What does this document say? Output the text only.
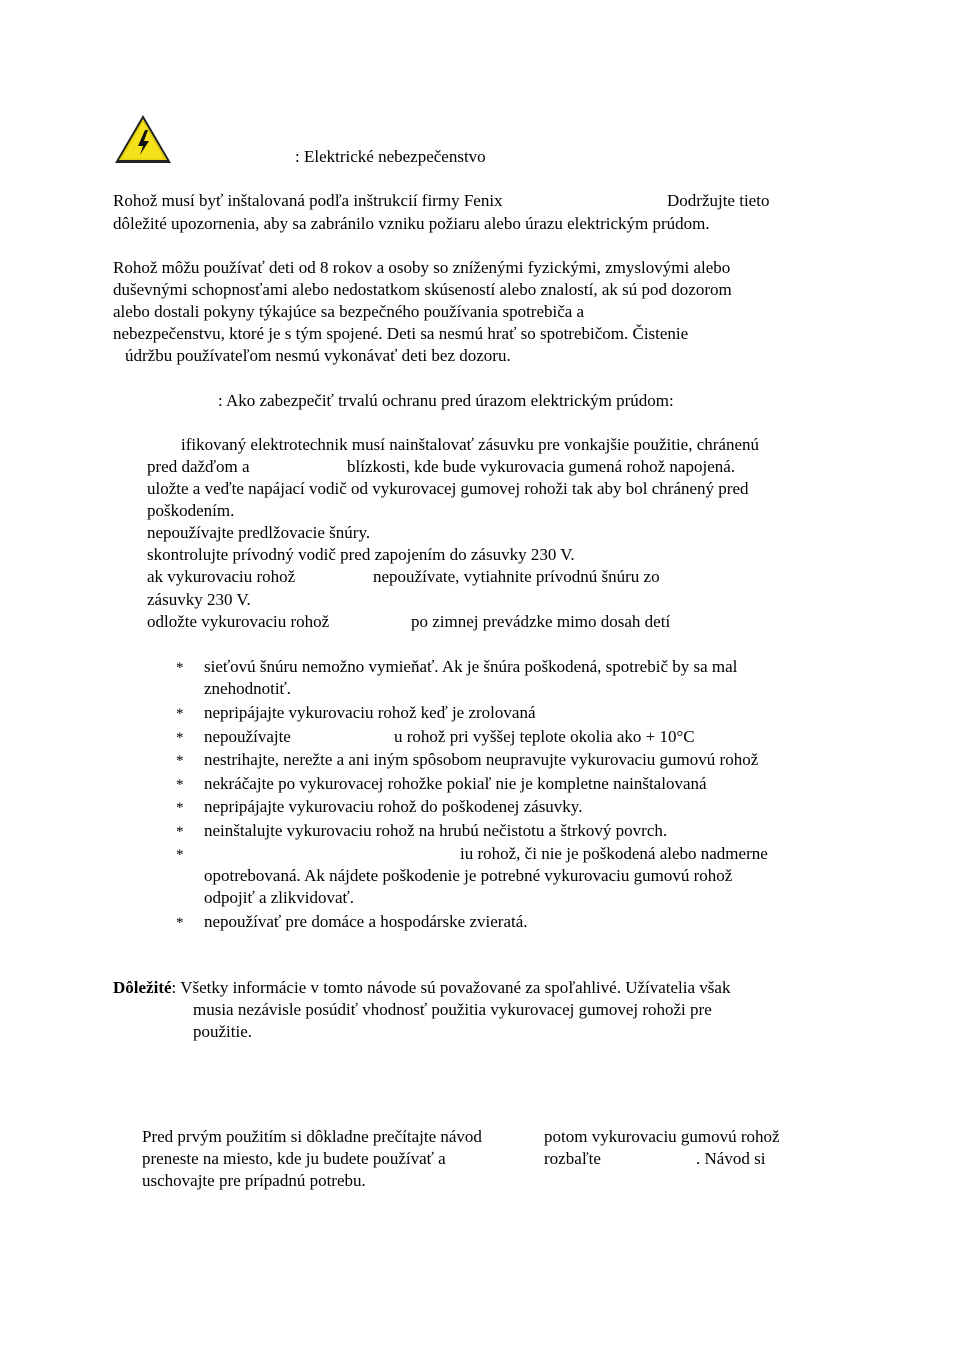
: Elektrické nebezpečenstvo
Rohož musí byť inštalovaná podľa inštrukcií firmy Fenix	Dodržujte tieto
dôležité upozornenia, aby sa zabránilo vzniku požiaru alebo úrazu elektrickým prúdom.
Rohož môžu používať deti od 8 rokov a osoby so zníženými fyzickými, zmyslovými alebo
duševnými schopnosťami alebo nedostatkom skúseností alebo znalostí, ak sú pod dozorom
alebo dostali pokyny týkajúce sa bezpečného používania spotrebiča a
nebezpečenstvu, ktoré je s tým spojené. Deti sa nesmú hrať so spotrebičom. Čistenie
údržbu používateľom nesmú vykonávať deti bez dozoru.
: Ako zabezpečiť trvalú ochranu pred úrazom elektrickým prúdom:
ifikovaný elektrotechnik musí nainštalovať zásuvku pre vonkajšie použitie, chránenú
pred dažďom a	blízkosti, kde bude vykurovacia gumená rohož napojená.
uložte a veďte napájací vodič od vykurovacej gumovej rohoži tak aby bol chránený pred
poškodením.
nepoužívajte predlžovacie šnúry.
skontrolujte prívodný vodič pred zapojením do zásuvky 230 V.
ak vykurovaciu rohož	nepoužívate, vytiahnite prívodnú šnúru zo
zásuvky 230 V.
odložte vykurovaciu rohož	po zimnej prevádzke mimo dosah detí
* sieťovú šnúru nemožno vymieňať. Ak je šnúra poškodená, spotrebič by sa mal
znehodnotiť.
* nepripájajte vykurovaciu rohož keď je zrolovaná
* nepoužívajte	u rohož pri vyššej teplote okolia ako + 10°C
* nestrihajte, nerežte a ani iným spôsobom neupravujte vykurovaciu gumovú rohož
* nekráčajte po vykurovacej rohožke pokiaľ nie je kompletne nainštalovaná
* nepripájajte vykurovaciu rohož do poškodenej zásuvky.
* neinštalujte vykurovaciu rohož na hrubú nečistotu a štrkový povrch.
*	iu rohož, či nie je poškodená alebo nadmerne
opotrebovaná. Ak nájdete poškodenie je potrebné vykurovaciu gumovú rohož
odpojiť a zlikvidovať.
* nepoužívať pre domáce a hospodárske zvieratá.
Dôležité: Všetky informácie v tomto návode sú považované za spoľahlivé. Užívatelia však
musia nezávisle posúdiť vhodnosť použitia vykurovacej gumovej rohoži pre
použitie.
Pred prvým použitím si dôkladne prečítajte návod	potom vykurovaciu gumovú rohož
preneste na miesto, kde ju budete používať a	rozbaľte	. Návod si
uschovajte pre prípadnú potrebu.
